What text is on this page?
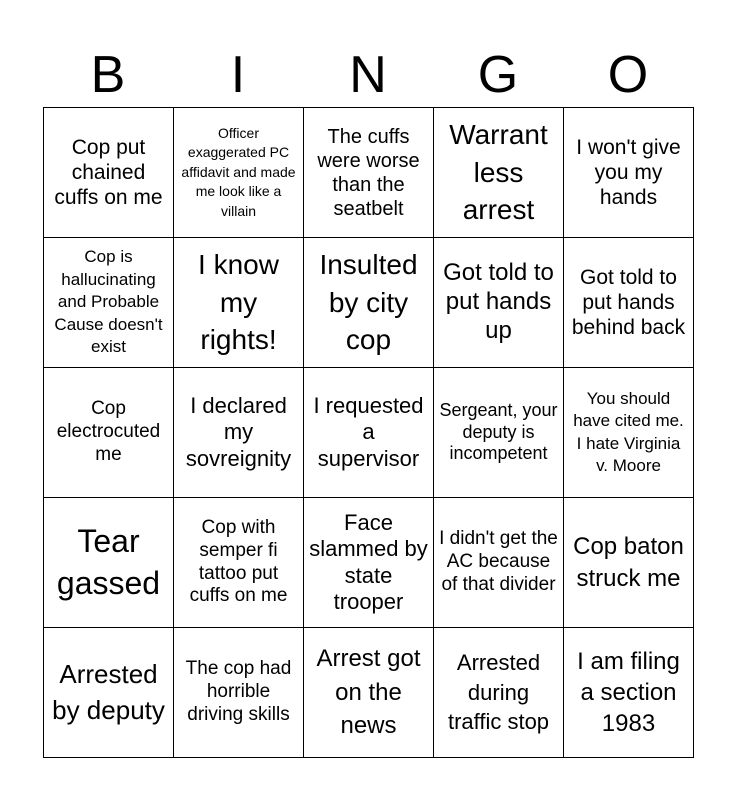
B	I	N	G	O
Cop put chained cuffs on me	Officer exaggerated PC affidavit and made me look like a villain	The cuffs were worse than the seatbelt	Warrant less arrest	I won't give you my hands
Cop is hallucinating and Probable Cause doesn't exist	I know my rights!	Insulted by city cop	Got told to put hands up	Got told to put hands behind back
Cop electrocuted me	I declared my sovreignity	I requested a supervisor	Sergeant, your deputy is incompetent	You should have cited me. I hate Virginia v. Moore
Tear gassed	Cop with semper fi tattoo put cuffs on me	Face slammed by state trooper	I didn't get the AC because of that divider	Cop baton struck me
Arrested by deputy	The cop had horrible driving skills	Arrest got on the news	Arrested during traffic stop	I am filing a section 1983
